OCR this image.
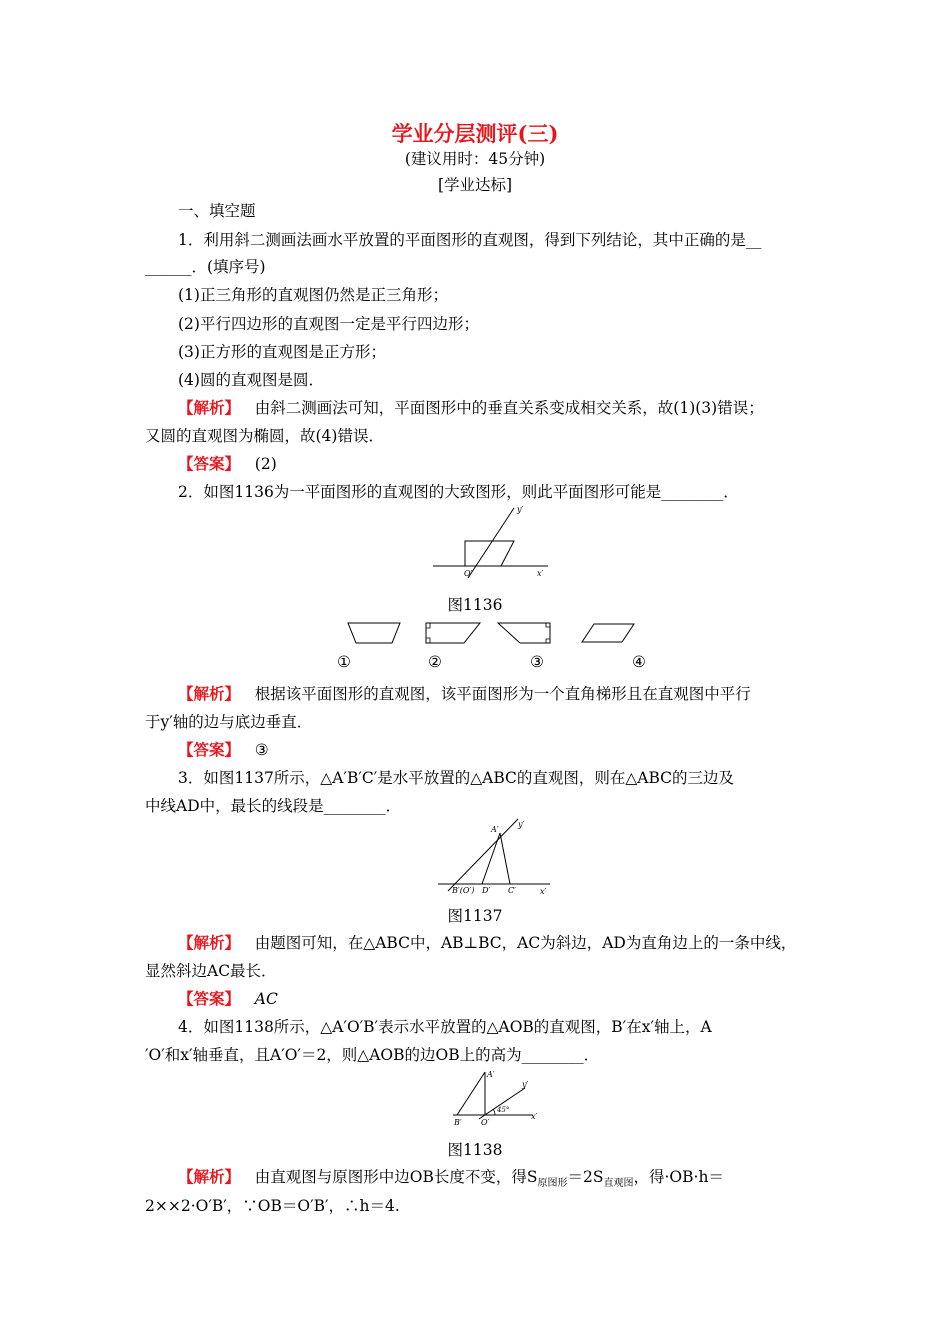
学业分层测评(三)
(建议用时：45分钟)
[学业达标]
一、填空题
1．利用斜二测画法画水平放置的平面图形的直观图，得到下列结论，其中正确的是__
______．(填序号)
(1)正三角形的直观图仍然是正三角形；
(2)平行四边形的直观图一定是平行四边形；
(3)正方形的直观图是正方形；
(4)圆的直观图是圆．
【解析】 由斜二测画法可知，平面图形中的垂直关系变成相交关系，故(1)(3)错误；
又圆的直观图为椭圆，故(4)错误．
【答案】 (2)
2．如图1136为一平面图形的直观图的大致图形，则此平面图形可能是________．
y′
x′
O′
图1136
①	②	③	④
【解析】 根据该平面图形的直观图，该平面图形为一个直角梯形且在直观图中平行
于y′轴的边与底边垂直．
【答案】 ③
3．如图1137所示，△A′B′C′是水平放置的△ABC的直观图，则在△ABC的三边及
中线AD中，最长的线段是________．
A′
y′
B′(O′) D′ C′	x′
图1137
【解析】 由题图可知，在△ABC中，AB⊥BC，AC为斜边，AD为直角边上的一条中线，
显然斜边AC最长．
【答案】 AC
4．如图1138所示，△A′O′B′表示水平放置的△AOB的直观图，B′在x′轴上，A
′O′和x′轴垂直，且A′O′＝2，则△AOB的边OB上的高为________．
A′
y′
B′ O′
45°
x′
图1138
【解析】 由直观图与原图形中边OB长度不变，得$S_{原图形}=2S_{直观图}$，得·OB·h＝
2××2·O′B′，∵OB＝O′B′，∴h＝4.
